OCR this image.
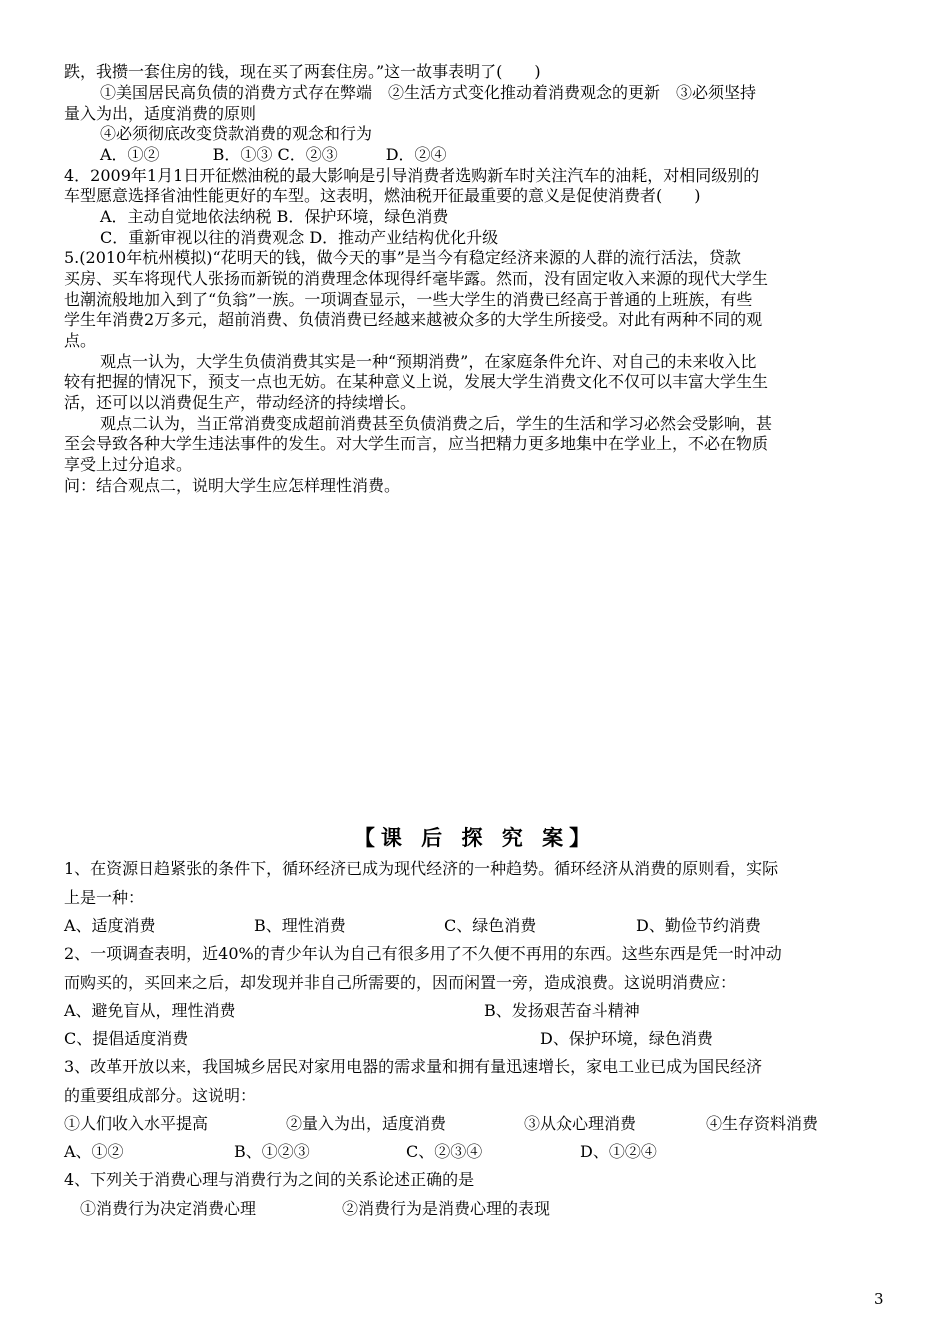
跌，我攒一套住房的钱，现在买了两套住房。”这一故事表明了(　　)
①美国居民高负债的消费方式存在弊端　②生活方式变化推动着消费观念的更新　③必须坚持
量入为出，适度消费的原则
④必须彻底改变贷款消费的观念和行为
A．①②　　　 B．①③ C．②③　　　D．②④
4．2009年1月1日开征燃油税的最大影响是引导消费者选购新车时关注汽车的油耗，对相同级别的
车型愿意选择省油性能更好的车型。这表明，燃油税开征最重要的意义是促使消费者(　　)
A．主动自觉地依法纳税 B．保护环境，绿色消费
C．重新审视以往的消费观念 D．推动产业结构优化升级
5.(2010年杭州模拟)“花明天的钱，做今天的事”是当今有稳定经济来源的人群的流行活法，贷款
买房、买车将现代人张扬而新锐的消费理念体现得纤毫毕露。然而，没有固定收入来源的现代大学生
也潮流般地加入到了“负翁”一族。一项调查显示，一些大学生的消费已经高于普通的上班族，有些
学生年消费2万多元，超前消费、负债消费已经越来越被众多的大学生所接受。对此有两种不同的观
点。
观点一认为，大学生负债消费其实是一种“预期消费”，在家庭条件允许、对自己的未来收入比
较有把握的情况下，预支一点也无妨。在某种意义上说，发展大学生消费文化不仅可以丰富大学生生
活，还可以以消费促生产，带动经济的持续增长。
观点二认为，当正常消费变成超前消费甚至负债消费之后，学生的生活和学习必然会受影响，甚
至会导致各种大学生违法事件的发生。对大学生而言，应当把精力更多地集中在学业上，不必在物质
享受上过分追求。
问：结合观点二，说明大学生应怎样理性消费。
【课 后 探 究 案】
1、在资源日趋紧张的条件下，循环经济已成为现代经济的一种趋势。循环经济从消费的原则看，实际
上是一种：
A、适度消费	B、理性消费	C、绿色消费	D、勤俭节约消费
2、一项调查表明，近40%的青少年认为自己有很多用了不久便不再用的东西。这些东西是凭一时冲动
而购买的，买回来之后，却发现并非自己所需要的，因而闲置一旁，造成浪费。这说明消费应：
A、避免盲从，理性消费	B、发扬艰苦奋斗精神
C、提倡适度消费	D、保护环境，绿色消费
3、改革开放以来，我国城乡居民对家用电器的需求量和拥有量迅速增长，家电工业已成为国民经济
的重要组成部分。这说明：
①人们收入水平提高	②量入为出，适度消费	③从众心理消费	④生存资料消费
A、①②	B、①②③	C、②③④	D、①②④
4、下列关于消费心理与消费行为之间的关系论述正确的是
①消费行为决定消费心理	②消费行为是消费心理的表现
3
